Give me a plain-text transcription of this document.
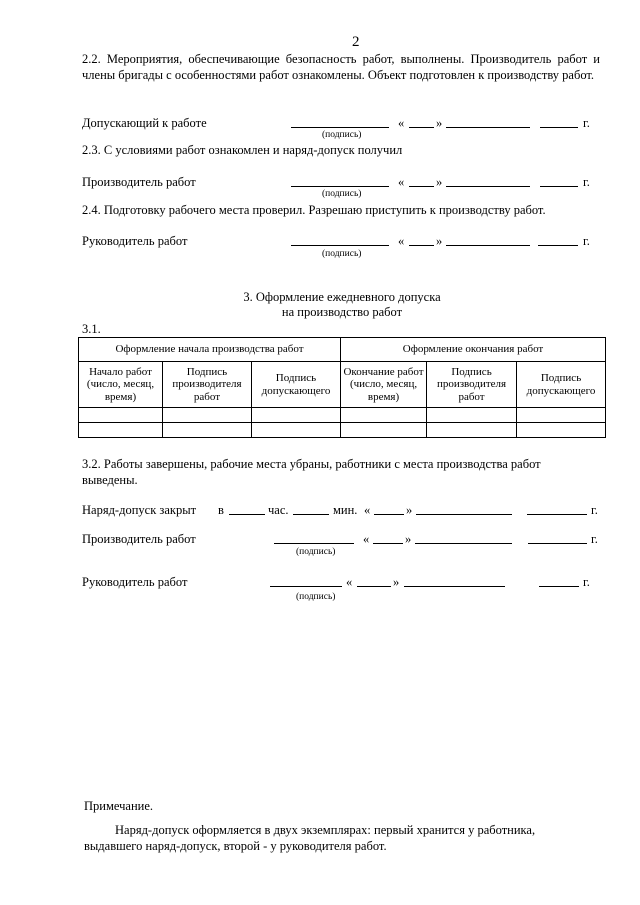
2
2.2. Мероприятия, обеспечивающие безопасность работ, выполнены. Производитель работ и члены бригады с особенностями работ ознакомлены. Объект подготовлен к производству работ.
Допускающий к работе	«	»	г.
(подпись)
2.3. С условиями работ ознакомлен и наряд-допуск получил
Производитель работ	«	»	г.
(подпись)
2.4. Подготовку рабочего места проверил. Разрешаю приступить к производству работ.
Руководитель работ	«	»	г.
(подпись)
3. Оформление ежедневного допуска
на производство работ
3.1.
Оформление начала производства работ			Оформление окончания работ		
Начало работ (число, месяц, время)	Подпись производителя работ	Подпись допускающего	Окончание работ (число, месяц, время)	Подпись производителя работ	Подпись допускающего

3.2. Работы завершены, рабочие места убраны, работники с места производства работ выведены.
Наряд-допуск закрыт в	час.	мин. «	»	г.
Производитель работ	«	»	г.
(подпись)
Руководитель работ	«	»	г.
(подпись)
Примечание.
Наряд-допуск оформляется в двух экземплярах: первый хранится у работника, выдавшего наряд-допуск, второй - у руководителя работ.
